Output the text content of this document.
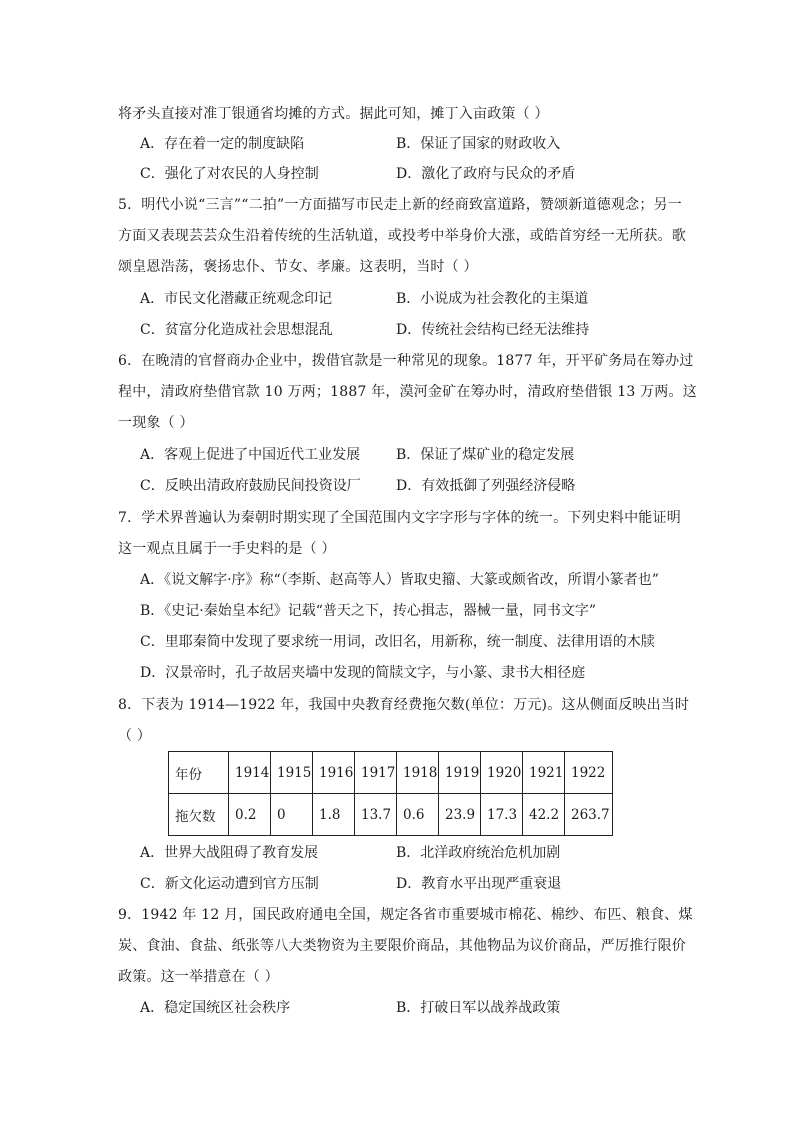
将矛头直接对准丁银通省均摊的方式。据此可知，摊丁入亩政策（ ）
A．存在着一定的制度缺陷	B．保证了国家的财政收入
C．强化了对农民的人身控制	D．激化了政府与民众的矛盾
5．明代小说“三言”“二拍”一方面描写市民走上新的经商致富道路，赞颂新道德观念；另一
方面又表现芸芸众生沿着传统的生活轨道，或投考中举身价大涨，或皓首穷经一无所获。歌
颂皇恩浩荡，褒扬忠仆、节女、孝廉。这表明，当时（ ）
A．市民文化潜藏正统观念印记	B．小说成为社会教化的主渠道
C．贫富分化造成社会思想混乱	D．传统社会结构已经无法维持
6．在晚清的官督商办企业中，拨借官款是一种常见的现象。1877 年，开平矿务局在筹办过
程中，清政府垫借官款 10 万两；1887 年，漠河金矿在筹办时，清政府垫借银 13 万两。这
一现象（ ）
A．客观上促进了中国近代工业发展	B．保证了煤矿业的稳定发展
C．反映出清政府鼓励民间投资设厂	D．有效抵御了列强经济侵略
7．学术界普遍认为秦朝时期实现了全国范围内文字字形与字体的统一。下列史料中能证明
这一观点且属于一手史料的是（ ）
A．《说文解字·序》称“（李斯、赵高等人）皆取史籀、大篆或颇省改，所谓小篆者也”
B．《史记·秦始皇本纪》记载“普天之下，抟心揖志，器械一量，同书文字”
C．里耶秦简中发现了要求统一用词，改旧名，用新称，统一制度、法律用语的木牍
D．汉景帝时，孔子故居夹墙中发现的简牍文字，与小篆、隶书大相径庭
8．下表为 1914—1922 年，我国中央教育经费拖欠数(单位：万元)。这从侧面反映出当时
（ ）
年份	1914	1915	1916	1917	1918	1919	1920	1921	1922
拖欠数	0.2	0	1.8	13.7	0.6	23.9	17.3	42.2	263.7
A．世界大战阻碍了教育发展	B．北洋政府统治危机加剧
C．新文化运动遭到官方压制	D．教育水平出现严重衰退
9．1942 年 12 月，国民政府通电全国，规定各省市重要城市棉花、棉纱、布匹、粮食、煤
炭、食油、食盐、纸张等八大类物资为主要限价商品，其他物品为议价商品，严厉推行限价
政策。这一举措意在（ ）
A．稳定国统区社会秩序	B．打破日军以战养战政策
